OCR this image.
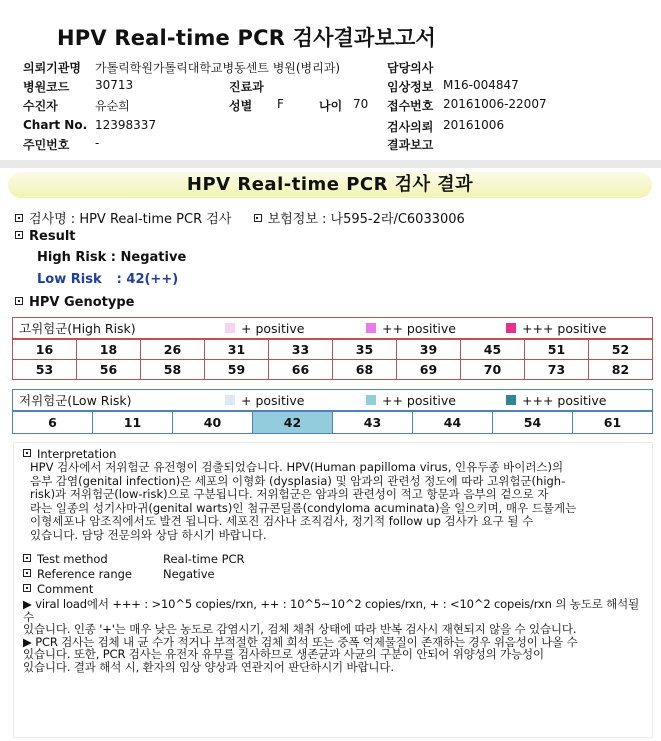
HPV Real-time PCR 검사결과보고서
의뢰기관명 가톨릭학원가톨릭대학교병동센트 병원(병리과)	담당의사
병원코드 30713	진료과	임상정보 M16-004847
수진자	유순희	성별 F	나이 70 접수번호 20161006-22007
Chart No. 12398337	검사의뢰 20161006
주민번호 -	결과보고
HPV Real-time PCR 검사 결과
검사명 : HPV Real-time PCR 검사	보험정보 : 나595-2라/C6033006
Result
High Risk : Negative
Low Risk : 42(++)
HPV Genotype
고위험군(High Risk)	+ positive	++ positive	+++ positive
16	18	26	31	33	35	39	45	51	52
53	56	58	59	66	68	69	70	73	82
저위험군(Low Risk)	+ positive	++ positive	+++ positive
6	11	40	42	43	44	54	61
Interpretation
HPV 검사에서 저위험군 유전형이 검출되었습니다. HPV(Human papilloma virus, 인유두종 바이러스)의
음부 감염(genital infection)은 세포의 이형화 (dysplasia) 및 암과의 관련성 정도에 따라 고위험군(high-
risk)과 저위험군(low-risk)으로 구분됩니다. 저위험군은 암과의 관련성이 적고 항문과 음부의 겉으로 자
라는 일종의 성기사마귀(genital warts)인 첨규콘딜롬(condyloma acuminata)을 일으키며, 매우 드물게는
이형세포나 암조직에서도 발견 됩니다. 세포진 검사나 조직검사, 정기적 follow up 검사가 요구 될 수
있습니다. 담당 전문의와 상담 하시기 바랍니다.
Test method	Real-time PCR
Reference range	Negative
Comment
▶ viral load에서 +++ : >10^5 copies/rxn, ++ : 10^5~10^2 copies/rxn, + : <10^2 copeis/rxn 의 농도로 해석될 수
있습니다. 인종 '+'는 매우 낮은 농도로 감염시기, 검체 채취 상태에 따라 반복 검사시 재현되지 않을 수 있습니다.
▶ PCR 검사는 검체 내 균 수가 적거나 부적절한 검체 희석 또는 중폭 억제물질이 존재하는 경우 위음성이 나올 수
있습니다. 또한, PCR 검사는 유전자 유무를 검사하므로 생존균과 사균의 구분이 안되어 위양성의 가능성이
있습니다. 결과 해석 시, 환자의 임상 양상과 연관지어 판단하시기 바랍니다.
